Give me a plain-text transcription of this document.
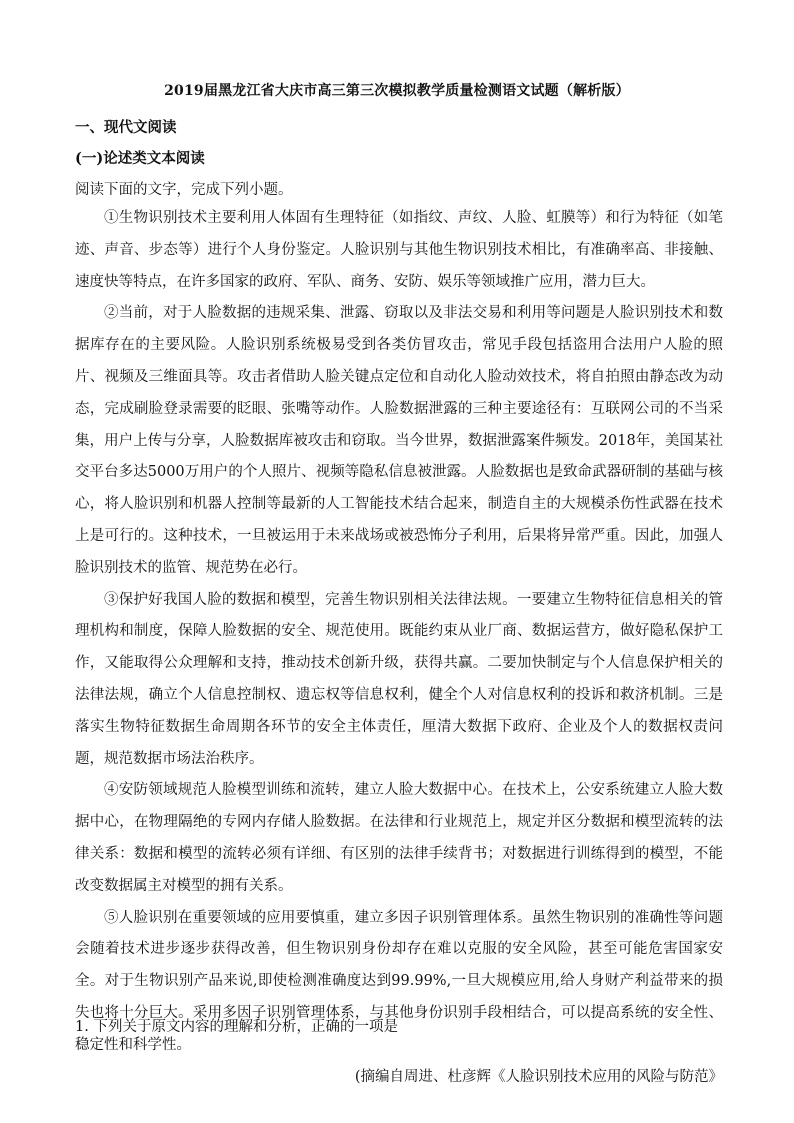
2019届黑龙江省大庆市高三第三次模拟教学质量检测语文试题（解析版）
一、现代文阅读
(一)论述类文本阅读
阅读下面的文字，完成下列小题。

①生物识别技术主要利用人体固有生理特征（如指纹、声纹、人脸、虹膜等）和行为特征（如笔迹、声音、步态等）进行个人身份鉴定。人脸识别与其他生物识别技术相比，有准确率高、非接触、速度快等特点，在许多国家的政府、军队、商务、安防、娱乐等领域推广应用，潜力巨大。

②当前，对于人脸数据的违规采集、泄露、窃取以及非法交易和利用等问题是人脸识别技术和数据库存在的主要风险。人脸识别系统极易受到各类仿冒攻击，常见手段包括盗用合法用户人脸的照片、视频及三维面具等。攻击者借助人脸关键点定位和自动化人脸动效技术，将自拍照由静态改为动态，完成刷脸登录需要的眨眼、张嘴等动作。人脸数据泄露的三种主要途径有：互联网公司的不当采集，用户上传与分享，人脸数据库被攻击和窃取。当今世界，数据泄露案件频发。2018年，美国某社交平台多达5000万用户的个人照片、视频等隐私信息被泄露。人脸数据也是致命武器研制的基础与核心，将人脸识别和机器人控制等最新的人工智能技术结合起来，制造自主的大规模杀伤性武器在技术上是可行的。这种技术，一旦被运用于未来战场或被恐怖分子利用，后果将异常严重。因此，加强人脸识别技术的监管、规范势在必行。

③保护好我国人脸的数据和模型，完善生物识别相关法律法规。一要建立生物特征信息相关的管理机构和制度，保障人脸数据的安全、规范使用。既能约束从业厂商、数据运营方，做好隐私保护工作，又能取得公众理解和支持，推动技术创新升级，获得共赢。二要加快制定与个人信息保护相关的法律法规，确立个人信息控制权、遗忘权等信息权利，健全个人对信息权利的投诉和救济机制。三是落实生物特征数据生命周期各环节的安全主体责任，厘清大数据下政府、企业及个人的数据权责问题，规范数据市场法治秩序。

④安防领域规范人脸模型训练和流转，建立人脸大数据中心。在技术上，公安系统建立人脸大数据中心，在物理隔绝的专网内存储人脸数据。在法律和行业规范上，规定并区分数据和模型流转的法律关系：数据和模型的流转必须有详细、有区别的法律手续背书；对数据进行训练得到的模型，不能改变数据属主对模型的拥有关系。

⑤人脸识别在重要领域的应用要慎重，建立多因子识别管理体系。虽然生物识别的准确性等问题会随着技术进步逐步获得改善，但生物识别身份却存在难以克服的安全风险，甚至可能危害国家安全。对于生物识别产品来说,即使检测准确度达到99.99%,一旦大规模应用,给人身财产利益带来的损失也将十分巨大。采用多因子识别管理体系，与其他身份识别手段相结合，可以提高系统的安全性、稳定性和科学性。

(摘编自周进、杜彦辉《人脸识别技术应用的风险与防范》

1. 下列关于原文内容的理解和分析，正确的一项是
